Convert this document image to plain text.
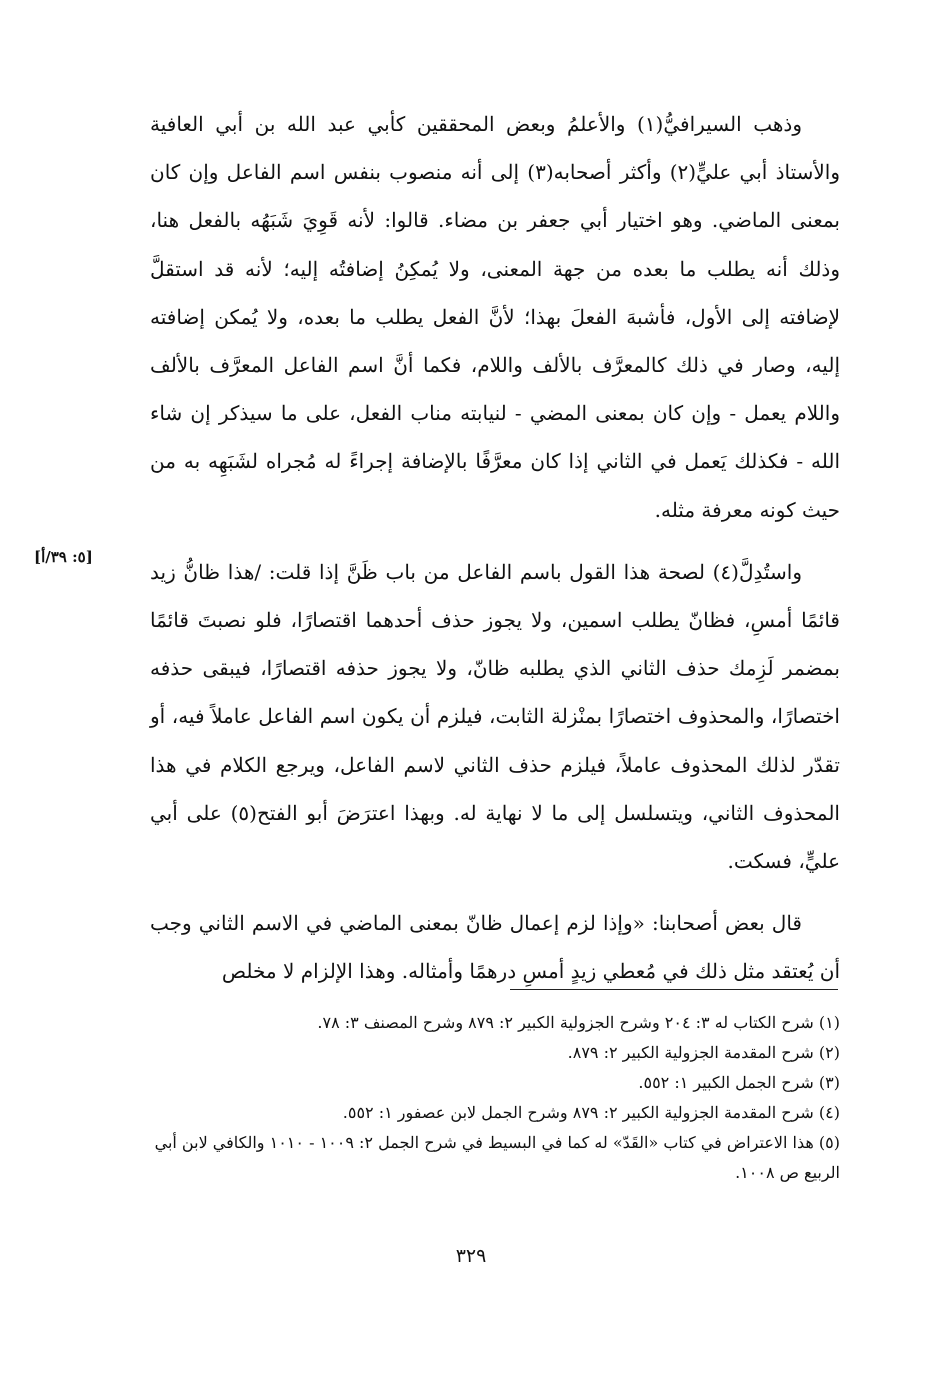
[٥: ٣٩/أ]

وذهب السيرافيُّ(١) والأعلمُ وبعض المحققين كأبي عبد الله بن أبي العافية والأستاذ أبي عليٍّ(٢) وأكثر أصحابه(٣) إلى أنه منصوب بنفس اسم الفاعل وإن كان بمعنى الماضي. وهو اختيار أبي جعفر بن مضاء. قالوا: لأنه قَوِيَ شَبَهُه بالفعل هنا، وذلك أنه يطلب ما بعده من جهة المعنى، ولا يُمكِنُ إضافتُه إليه؛ لأنه قد استقلَّ لإضافته إلى الأول، فأشبهَ الفعلَ بهذا؛ لأنَّ الفعل يطلب ما بعده، ولا يُمكن إضافته إليه، وصار في ذلك كالمعرَّف بالألف واللام، فكما أنَّ اسم الفاعل المعرَّف بالألف واللام يعمل - وإن كان بمعنى المضي - لنيابته مناب الفعل، على ما سيذكر إن شاء الله - فكذلك يَعمل في الثاني إذا كان معرَّفًا بالإضافة إجراءً له مُجراه لشَبَهِه به من حيث كونه معرفة مثله.

واستُدِلَّ(٤) لصحة هذا القول باسم الفاعل من باب ظَنَّ إذا قلت: /هذا ظانُّ زيد قائمًا أمسِ، فظانّ يطلب اسمين، ولا يجوز حذف أحدهما اقتصارًا، فلو نصبتَ قائمًا بمضمر لَزِمك حذف الثاني الذي يطلبه ظانّ، ولا يجوز حذفه اقتصارًا، فيبقى حذفه اختصارًا، والمحذوف اختصارًا بمنْزلة الثابت، فيلزم أن يكون اسم الفاعل عاملاً فيه، أو تقدّر لذلك المحذوف عاملاً، فيلزم حذف الثاني لاسم الفاعل، ويرجع الكلام في هذا المحذوف الثاني، ويتسلسل إلى ما لا نهاية له. وبهذا اعترَضَ أبو الفتح(٥) على أبي عليٍّ، فسكت.

قال بعض أصحابنا: «وإذا لزم إعمال ظانّ بمعنى الماضي في الاسم الثاني وجب أن يُعتقد مثل ذلك في مُعطي زيدٍ أمسِ درهمًا وأمثاله. وهذا الإلزام لا مخلص

(١) شرح الكتاب له ٣: ٢٠٤ وشرح الجزولية الكبير ٢: ٨٧٩ وشرح المصنف ٣: ٧٨.

(٢) شرح المقدمة الجزولية الكبير ٢: ٨٧٩.

(٣) شرح الجمل الكبير ١: ٥٥٢.

(٤) شرح المقدمة الجزولية الكبير ٢: ٨٧٩ وشرح الجمل لابن عصفور ١: ٥٥٢.

(٥) هذا الاعتراض في كتاب «القَدّ» له كما في البسيط في شرح الجمل ٢: ١٠٠٩ - ١٠١٠ والكافي لابن أبي الربيع ص ١٠٠٨.

٣٢٩
